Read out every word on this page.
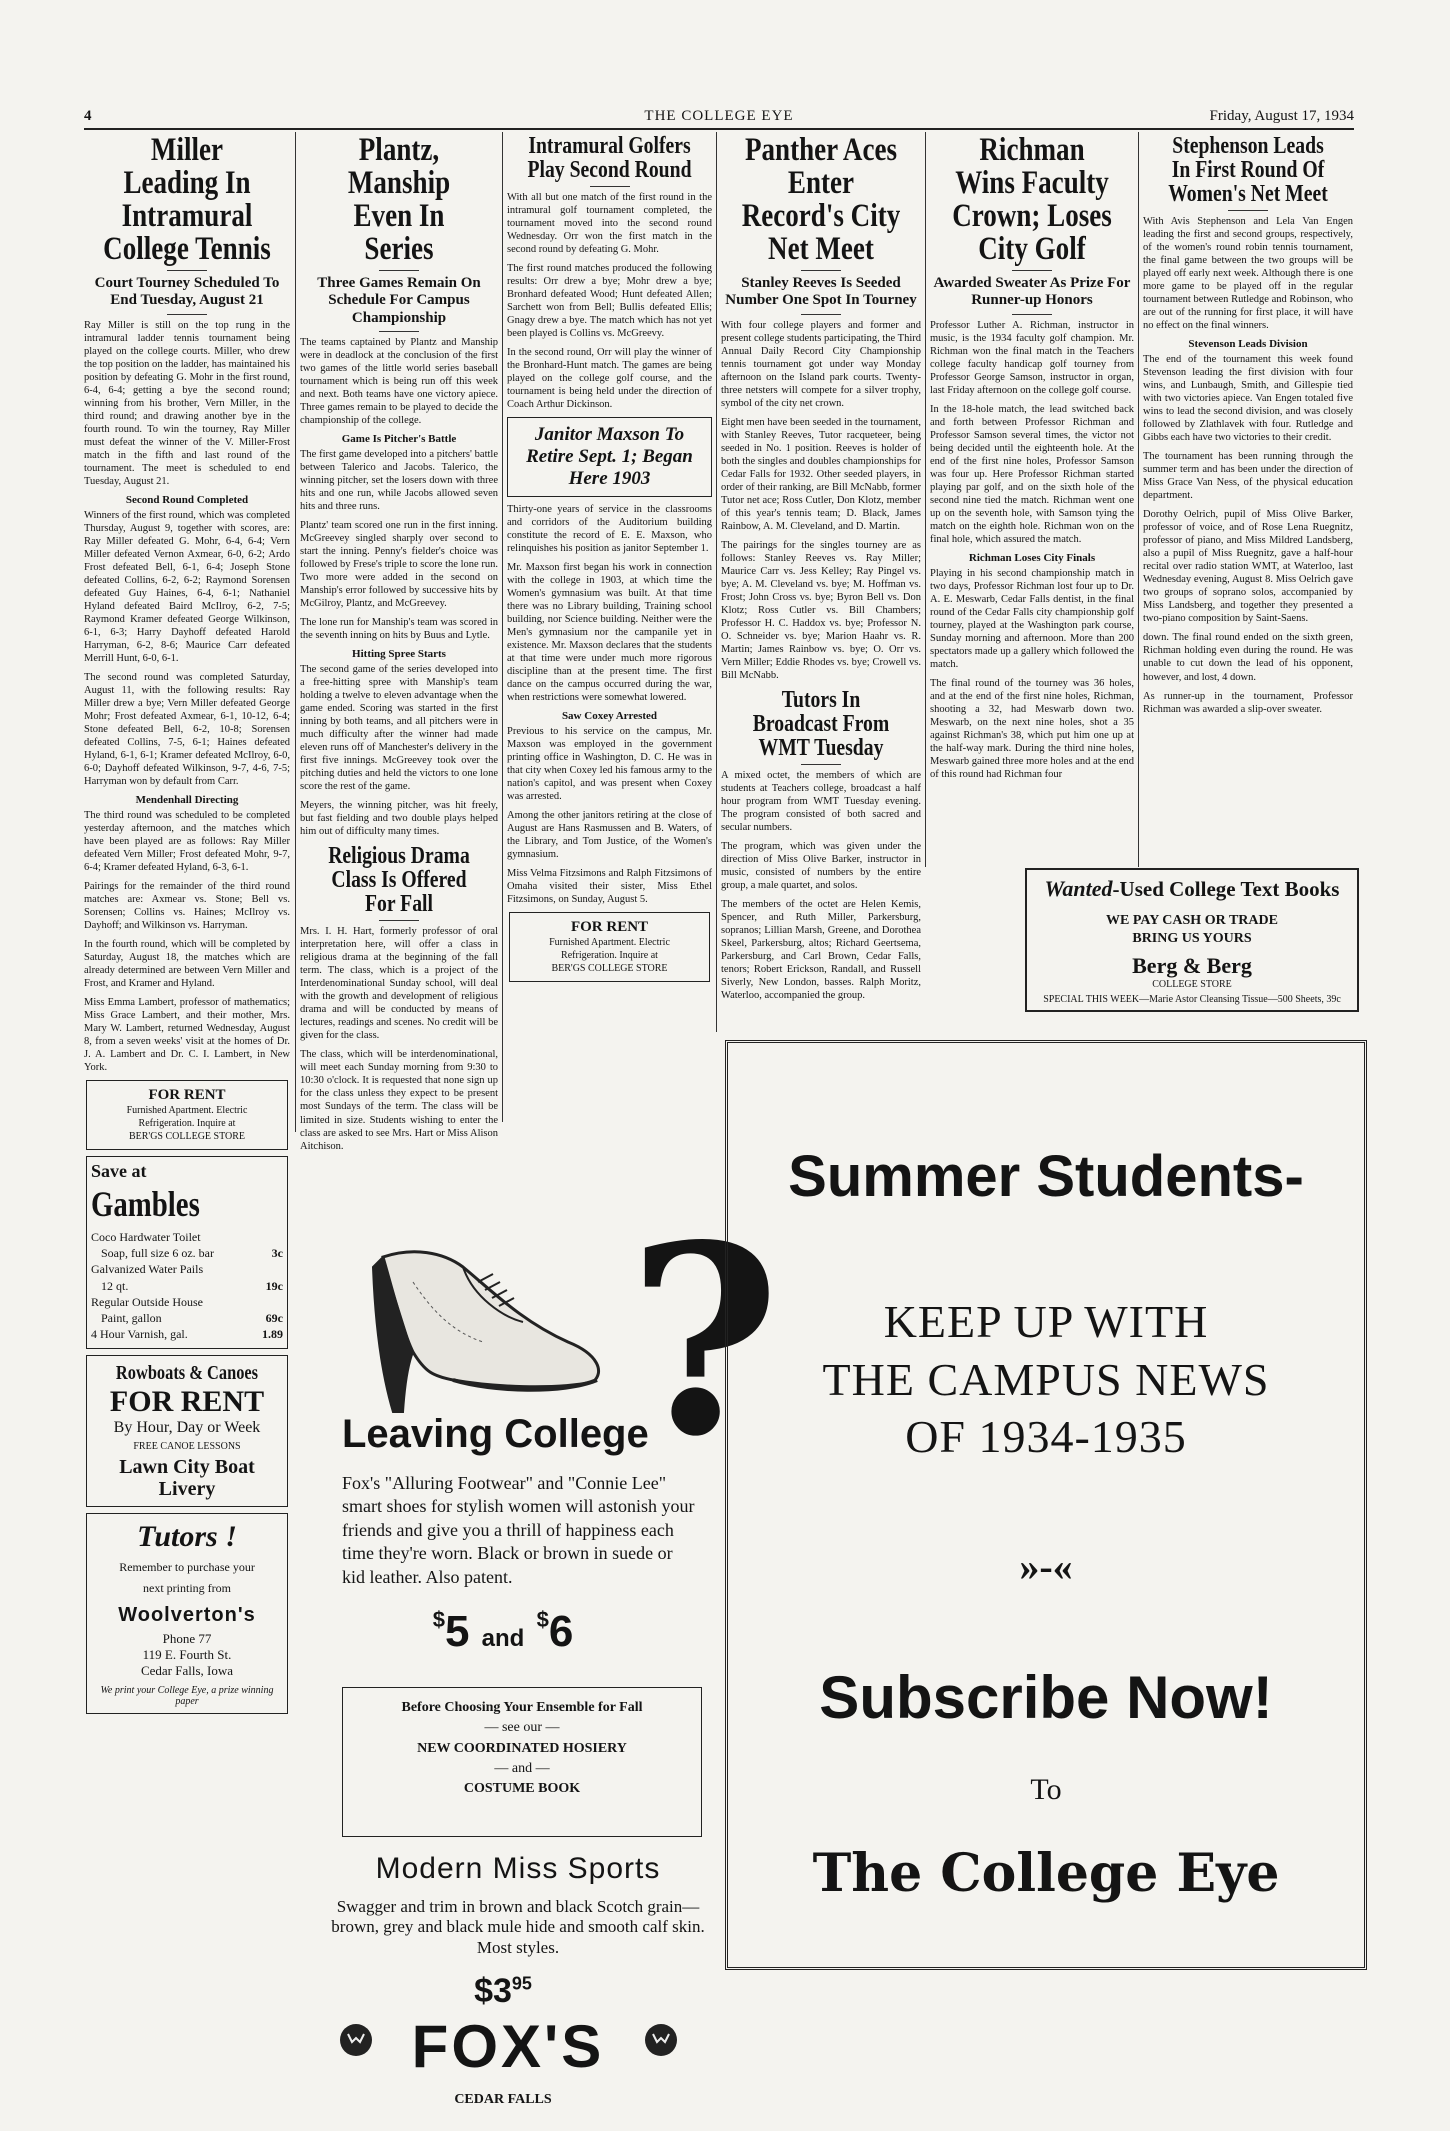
4	THE COLLEGE EYE	Friday, August 17, 1934
Miller Leading In Intramural College Tennis
Court Tourney Scheduled To End Tuesday, August 21

Ray Miller is still on the top rung in the intramural ladder tennis tournament being played on the college courts. Miller, who drew the top position on the ladder, has maintained his position by defeating G. Mohr in the first round, 6-4, 6-4; getting a bye the second round; winning from his brother, Vern Miller, in the third round; and drawing another bye in the fourth round. To win the tourney, Ray Miller must defeat the winner of the V. Miller-Frost match in the fifth and last round of the tournament. The meet is scheduled to end Tuesday, August 21.

Second Round Completed

Winners of the first round, which was completed Thursday, August 9, together with scores, are: Ray Miller defeated G. Mohr, 6-4, 6-4; Vern Miller defeated Vernon Axmear, 6-0, 6-2; Ardo Frost defeated Bell, 6-1, 6-4; Joseph Stone defeated Collins, 6-2, 6-2; Raymond Sorensen defeated Guy Haines, 6-4, 6-1; Nathaniel Hyland defeated Baird McIlroy, 6-2, 7-5; Raymond Kramer defeated George Wilkinson, 6-1, 6-3; Harry Dayhoff defeated Harold Harryman, 6-2, 8-6; Maurice Carr defeated Merrill Hunt, 6-0, 6-1.

The second round was completed Saturday, August 11, with the following results: Ray Miller drew a bye; Vern Miller defeated George Mohr; Frost defeated Axmear, 6-1, 10-12, 6-4; Stone defeated Bell, 6-2, 10-8; Sorensen defeated Collins, 7-5, 6-1; Haines defeated Hyland, 6-1, 6-1; Kramer defeated McIlroy, 6-0, 6-0; Dayhoff defeated Wilkinson, 9-7, 4-6, 7-5; Harryman won by default from Carr.

Mendenhall Directing

The third round was scheduled to be completed yesterday afternoon, and the matches which have been played are as follows: Ray Miller defeated Vern Miller; Frost defeated Mohr, 9-7, 6-4; Kramer defeated Hyland, 6-3, 6-1.

Pairings for the remainder of the third round matches are: Axmear vs. Stone; Bell vs. Sorensen; Collins vs. Haines; McIlroy vs. Dayhoff; and Wilkinson vs. Harryman.

In the fourth round, which will be completed by Saturday, August 18, the matches which are already determined are between Vern Miller and Frost, and Kramer and Hyland.

Miss Emma Lambert, professor of mathematics; Miss Grace Lambert, and their mother, Mrs. Mary W. Lambert, returned Wednesday, August 8, from a seven weeks' visit at the homes of Dr. J. A. Lambert and Dr. C. I. Lambert, in New York.

FOR RENT
Furnished Apartment. Electric
Refrigeration. Inquire at
BER'GS COLLEGE STORE
Save at Gambles
Coco Hardwater Toilet
Soap, full size 6 oz. bar	3c
Galvanized Water Pails
12 qt.	19c
Regular Outside House
Paint, gallon	69c
4 Hour Varnish, gal.	1.89
Rowboats & Canoes
FOR RENT
By Hour, Day or Week
FREE CANOE LESSONS
Lawn City Boat Livery
Tutors !
Remember to purchase your
next printing from
Woolverton's
Phone 77
119 E. Fourth St.
Cedar Falls, Iowa
We print your College Eye, a prize winning paper
Plantz, Manship Even In Series
Three Games Remain On Schedule For Campus Championship

The teams captained by Plantz and Manship were in deadlock at the conclusion of the first two games of the little world series baseball tournament which is being run off this week and next. Both teams have one victory apiece. Three games remain to be played to decide the championship of the college.

Game Is Pitcher's Battle

The first game developed into a pitchers' battle between Talerico and Jacobs. Talerico, the winning pitcher, set the losers down with three hits and one run, while Jacobs allowed seven hits and three runs.

Plantz' team scored one run in the first inning. McGreevey singled sharply over second to start the inning. Penny's fielder's choice was followed by Frese's triple to score the lone run. Two more were added in the second on Manship's error followed by successive hits by McGilroy, Plantz, and McGreevey.

The lone run for Manship's team was scored in the seventh inning on hits by Buus and Lytle.

Hitting Spree Starts

The second game of the series developed into a free-hitting spree with Manship's team holding a twelve to eleven advantage when the game ended. Scoring was started in the first inning by both teams, and all pitchers were in much difficulty after the winner had made eleven runs off of Manchester's delivery in the first five innings. McGreevey took over the pitching duties and held the victors to one lone score the rest of the game.

Meyers, the winning pitcher, was hit freely, but fast fielding and two double plays helped him out of difficulty many times.

Religious Drama Class Is Offered For Fall

Mrs. I. H. Hart, formerly professor of oral interpretation here, will offer a class in religious drama at the beginning of the fall term. The class, which is a project of the Interdenominational Sunday school, will deal with the growth and development of religious drama and will be conducted by means of lectures, readings and scenes. No credit will be given for the class.

The class, which will be interdenominational, will meet each Sunday morning from 9:30 to 10:30 o'clock. It is requested that none sign up for the class unless they expect to be present most Sundays of the term. The class will be limited in size. Students wishing to enter the class are asked to see Mrs. Hart or Miss Alison Aitchison.

Intramural Golfers Play Second Round

With all but one match of the first round in the intramural golf tournament completed, the tournament moved into the second round Wednesday. Orr won the first match in the second round by defeating G. Mohr.

The first round matches produced the following results: Orr drew a bye; Mohr drew a bye; Bronhard defeated Wood; Hunt defeated Allen; Sarchett won from Bell; Bullis defeated Ellis; Gnagy drew a bye. The match which has not yet been played is Collins vs. McGreevy.

In the second round, Orr will play the winner of the Bronhard-Hunt match. The games are being played on the college golf course, and the tournament is being held under the direction of Coach Arthur Dickinson.

Janitor Maxson To Retire Sept. 1; Began Here 1903

Thirty-one years of service in the classrooms and corridors of the Auditorium building constitute the record of E. E. Maxson, who relinquishes his position as janitor September 1.

Mr. Maxson first began his work in connection with the college in 1903, at which time the Women's gymnasium was built. At that time there was no Library building, Training school building, nor Science building. Neither were the Men's gymnasium nor the campanile yet in existence. Mr. Maxson declares that the students at that time were under much more rigorous discipline than at the present time. The first dance on the campus occurred during the war, when restrictions were somewhat lowered.

Saw Coxey Arrested

Previous to his service on the campus, Mr. Maxson was employed in the government printing office in Washington, D. C. He was in that city when Coxey led his famous army to the nation's capitol, and was present when Coxey was arrested.

Among the other janitors retiring at the close of August are Hans Rasmussen and B. Waters, of the Library, and Tom Justice, of the Women's gymnasium.

Miss Velma Fitzsimons and Ralph Fitzsimons of Omaha visited their sister, Miss Ethel Fitzsimons, on Sunday, August 5.

FOR RENT
Furnished Apartment. Electric
Refrigeration. Inquire at
BER'GS COLLEGE STORE
Panther Aces Enter Record's City Net Meet
Stanley Reeves Is Seeded Number One Spot In Tourney

With four college players and former and present college students participating, the Third Annual Daily Record City Championship tennis tournament got under way Monday afternoon on the Island park courts. Twenty-three netsters will compete for a silver trophy, symbol of the city net crown.

Eight men have been seeded in the tournament, with Stanley Reeves, Tutor racqueteer, being seeded in No. 1 position. Reeves is holder of both the singles and doubles championships for Cedar Falls for 1932. Other seeded players, in order of their ranking, are Bill McNabb, former Tutor net ace; Ross Cutler, Don Klotz, member of this year's tennis team; D. Black, James Rainbow, A. M. Cleveland, and D. Martin.

The pairings for the singles tourney are as follows: Stanley Reeves vs. Ray Miller; Maurice Carr vs. Jess Kelley; Ray Pingel vs. bye; A. M. Cleveland vs. bye; M. Hoffman vs. Frost; John Cross vs. bye; Byron Bell vs. Don Klotz; Ross Cutler vs. Bill Chambers; Professor H. C. Haddox vs. bye; Professor N. O. Schneider vs. bye; Marion Haahr vs. R. Martin; James Rainbow vs. bye; O. Orr vs. Vern Miller; Eddie Rhodes vs. bye; Crowell vs. Bill McNabb.

Tutors In Broadcast From WMT Tuesday

A mixed octet, the members of which are students at Teachers college, broadcast a half hour program from WMT Tuesday evening. The program consisted of both sacred and secular numbers.

The program, which was given under the direction of Miss Olive Barker, instructor in music, consisted of numbers by the entire group, a male quartet, and solos.

The members of the octet are Helen Kemis, Spencer, and Ruth Miller, Parkersburg, sopranos; Lillian Marsh, Greene, and Dorothea Skeel, Parkersburg, altos; Richard Geertsema, Parkersburg, and Carl Brown, Cedar Falls, tenors; Robert Erickson, Randall, and Russell Siverly, New London, basses. Ralph Moritz, Waterloo, accompanied the group.

Richman Wins Faculty Crown; Loses City Golf
Awarded Sweater As Prize For Runner-up Honors

Professor Luther A. Richman, instructor in music, is the 1934 faculty golf champion. Mr. Richman won the final match in the Teachers college faculty handicap golf tourney from Professor George Samson, instructor in organ, last Friday afternoon on the college golf course.

In the 18-hole match, the lead switched back and forth between Professor Richman and Professor Samson several times, the victor not being decided until the eighteenth hole. At the end of the first nine holes, Professor Samson was four up. Here Professor Richman started playing par golf, and on the sixth hole of the second nine tied the match. Richman went one up on the seventh hole, with Samson tying the match on the eighth hole. Richman won on the final hole, which assured the match.

Richman Loses City Finals

Playing in his second championship match in two days, Professor Richman lost four up to Dr. A. E. Meswarb, Cedar Falls dentist, in the final round of the Cedar Falls city championship golf tourney, played at the Washington park course, Sunday morning and afternoon. More than 200 spectators made up a gallery which followed the match.

The final round of the tourney was 36 holes, and at the end of the first nine holes, Richman, shooting a 32, had Meswarb down two. Meswarb, on the next nine holes, shot a 35 against Richman's 38, which put him one up at the half-way mark. During the third nine holes, Meswarb gained three more holes and at the end of this round had Richman four

Stephenson Leads In First Round Of Women's Net Meet

With Avis Stephenson and Lela Van Engen leading the first and second groups, respectively, of the women's round robin tennis tournament, the final game between the two groups will be played off early next week. Although there is one more game to be played off in the regular tournament between Rutledge and Robinson, who are out of the running for first place, it will have no effect on the final winners.

Stevenson Leads Division

The end of the tournament this week found Stevenson leading the first division with four wins, and Lunbaugh, Smith, and Gillespie tied with two victories apiece. Van Engen totaled five wins to lead the second division, and was closely followed by Zlathlavek with four. Rutledge and Gibbs each have two victories to their credit.

The tournament has been running through the summer term and has been under the direction of Miss Grace Van Ness, of the physical education department.

Dorothy Oelrich, pupil of Miss Olive Barker, professor of voice, and of Rose Lena Ruegnitz, professor of piano, and Miss Mildred Landsberg, also a pupil of Miss Ruegnitz, gave a half-hour recital over radio station WMT, at Waterloo, last Wednesday evening, August 8. Miss Oelrich gave two groups of soprano solos, accompanied by Miss Landsberg, and together they presented a two-piano composition by Saint-Saens.

down. The final round ended on the sixth green, Richman holding even during the round. He was unable to cut down the lead of his opponent, however, and lost, 4 down.

As runner-up in the tournament, Professor Richman was awarded a slip-over sweater.

Wanted-Used College Text Books
WE PAY CASH OR TRADE
BRING US YOURS
Berg & Berg
COLLEGE STORE
SPECIAL THIS WEEK—Marie Astor Cleansing Tissue—500 Sheets, 39c
?
Leaving College
Fox's "Alluring Footwear" and "Connie Lee" smart shoes for stylish women will astonish your friends and give you a thrill of happiness each time they're worn. Black or brown in suede or kid leather. Also patent.
$5 and $6
Before Choosing Your Ensemble for Fall
— see our —
NEW COORDINATED HOSIERY
— and —
COSTUME BOOK
Modern Miss Sports
Swagger and trim in brown and black Scotch grain—brown, grey and black mule hide and smooth calf skin. Most styles.
$\$3^{95}$
FOX'S
CEDAR FALLS
Summer Students-
KEEP UP WITH
THE CAMPUS NEWS
OF 1934-1935
»-«
Subscribe Now!
To
The College Eye
